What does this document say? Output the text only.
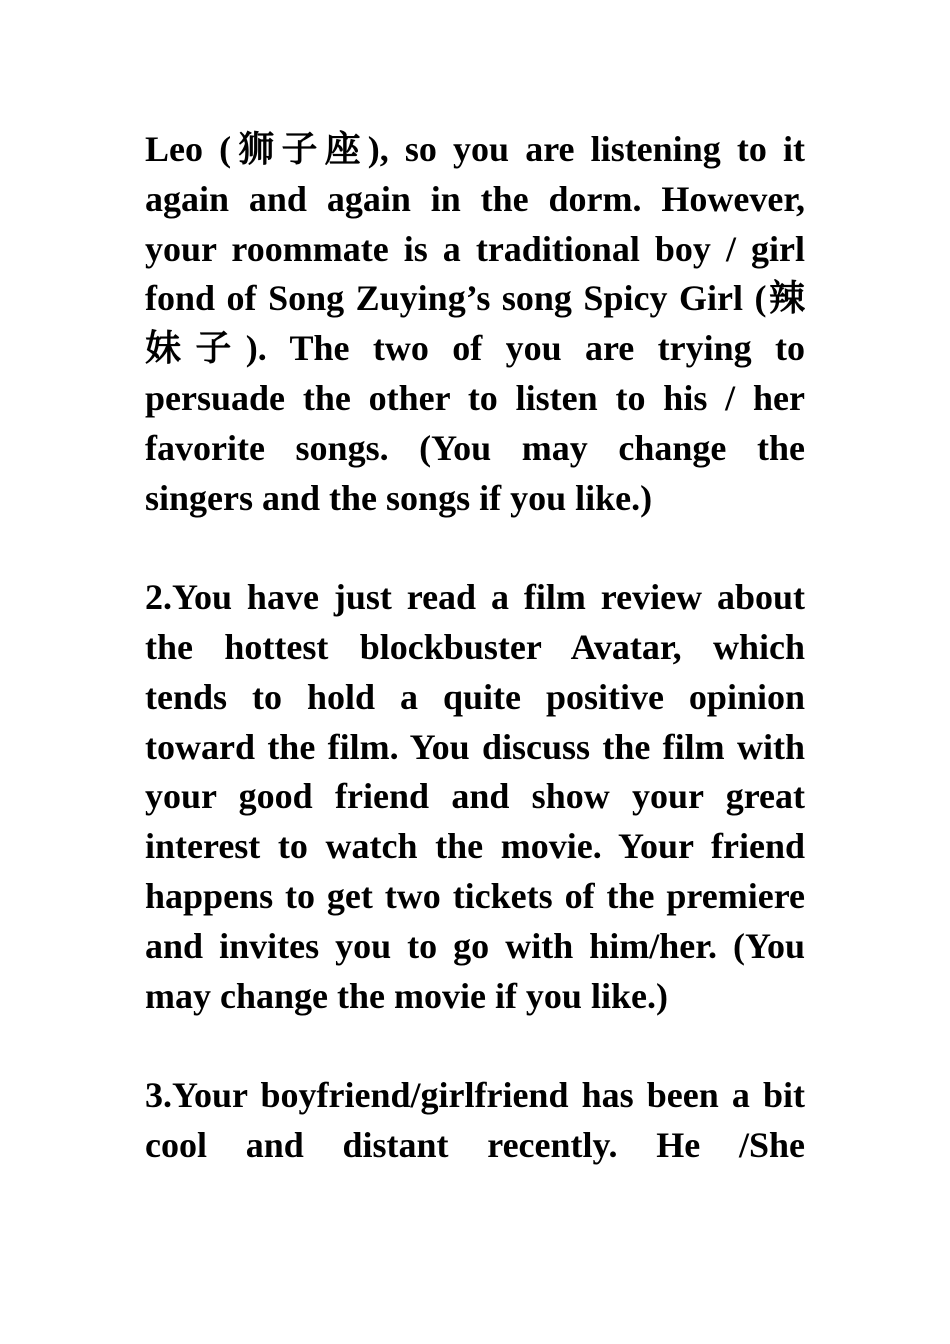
Leo (狮子座), so you are listening to it again and again in the dorm. However, your roommate is a traditional boy / girl fond of Song Zuying’s song Spicy Girl (辣妹子). The two of you are trying to persuade the other to listen to his / her favorite songs. (You may change the singers and the songs if you like.)

2.You have just read a film review about the hottest blockbuster Avatar, which tends to hold a quite positive opinion toward the film. You discuss the film with your good friend and show your great interest to watch the movie. Your friend happens to get two tickets of the premiere and invites you to go with him/her. (You may change the movie if you like.)

3.Your boyfriend/girlfriend has been a bit cool and distant recently. He /She
